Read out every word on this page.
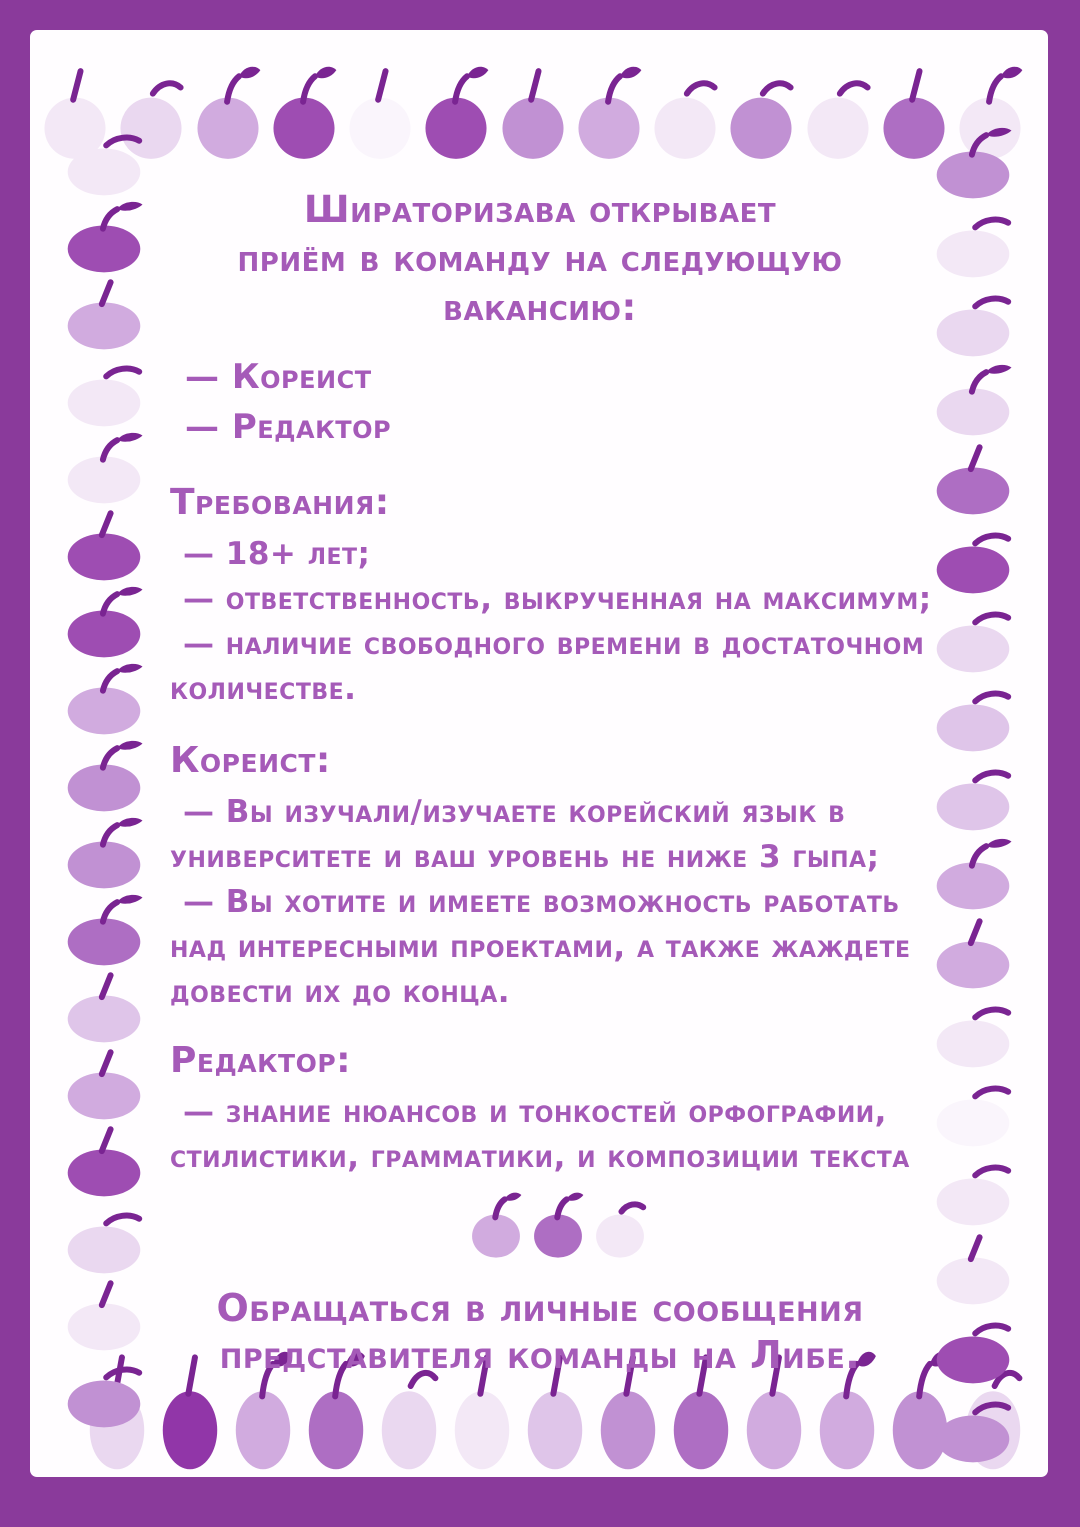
Шираторизава открывает
приём в команду на следующую
вакансию:
— Кореист
— Редактор
Требования:
— 18+ лет;
— ответственность, выкрученная на максимум;
— наличие свободного времени в достаточном
количестве.
Кореист:
— Вы изучали/изучаете корейский язык в
университете и ваш уровень не ниже 3 гыпа;
— Вы хотите и имеете возможность работать
над интересными проектами, а также жаждете
довести их до конца.
Редактор:
— знание нюансов и тонкостей орфографии,
стилистики, грамматики, и композиции текста
Обращаться в личные сообщения
представителя команды на Либе.
